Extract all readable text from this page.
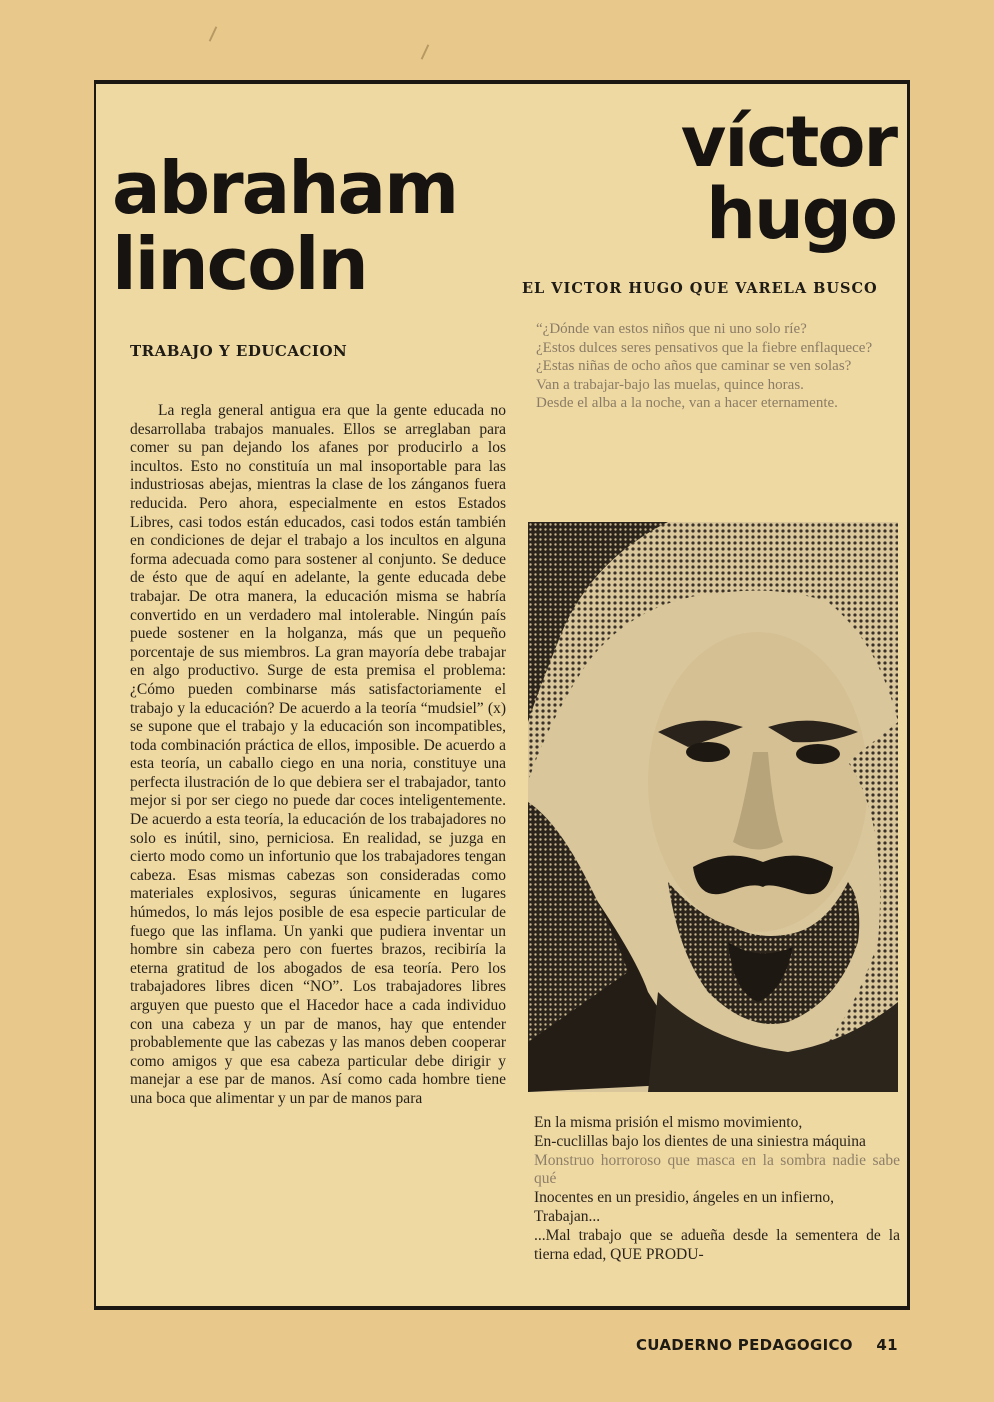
abraham
lincoln
TRABAJO Y EDUCACION
La regla general antigua era que la gente educada no desarrollaba trabajos manuales. Ellos se arreglaban para comer su pan dejando los afanes por producirlo a los incultos. Esto no constituía un mal insoportable para las industriosas abejas, mientras la clase de los zánganos fuera reducida. Pero ahora, especialmente en estos Estados Libres, casi todos están educados, casi todos están también en condiciones de dejar el trabajo a los incultos en alguna forma adecuada como para sostener al conjunto. Se deduce de ésto que de aquí en adelante, la gente educada debe trabajar. De otra manera, la educación misma se habría convertido en un verdadero mal intolerable. Ningún país puede sostener en la holganza, más que un pequeño porcentaje de sus miembros. La gran mayoría debe trabajar en algo productivo. Surge de esta premisa el problema: ¿Cómo pueden combinarse más satisfactoriamente el trabajo y la educación? De acuerdo a la teoría “mudsiel” (x) se supone que el trabajo y la educación son incompatibles, toda combinación práctica de ellos, imposible. De acuerdo a esta teoría, un caballo ciego en una noria, constituye una perfecta ilustración de lo que debiera ser el trabajador, tanto mejor si por ser ciego no puede dar coces inteligentemente. De acuerdo a esta teoría, la educación de los trabajadores no solo es inútil, sino, perniciosa. En realidad, se juzga en cierto modo como un infortunio que los trabajadores tengan cabeza. Esas mismas cabezas son consideradas como materiales explosivos, seguras únicamente en lugares húmedos, lo más lejos posible de esa especie particular de fuego que las inflama. Un yanki que pudiera inventar un hombre sin cabeza pero con fuertes brazos, recibiría la eterna gratitud de los abogados de esa teoría. Pero los trabajadores libres dicen “NO”. Los trabajadores libres arguyen que puesto que el Hacedor hace a cada individuo con una cabeza y un par de manos, hay que entender probablemente que las cabezas y las manos deben cooperar como amigos y que esa cabeza particular debe dirigir y manejar a ese par de manos. Así como cada hombre tiene una boca que alimentar y un par de manos para
víctor
hugo
EL VICTOR HUGO QUE VARELA BUSCO

“¿Dónde van estos niños que ni uno solo ríe?

¿Estos dulces seres pensativos que la fiebre enflaquece?

¿Estas niñas de ocho años que caminar se ven solas?

Van a trabajar-bajo las muelas, quince horas.

Desde el alba a la noche, van a hacer eternamente.

En la misma prisión el mismo movimiento,

En-cuclillas bajo los dientes de una siniestra máquina

Monstruo horroroso que masca en la sombra nadie sabe qué

Inocentes en un presidio, ángeles en un infierno,

Trabajan...

...Mal trabajo que se adueña desde la sementera de la tierna edad, QUE PRODU-

CUADERNO PEDAGOGICO 41
